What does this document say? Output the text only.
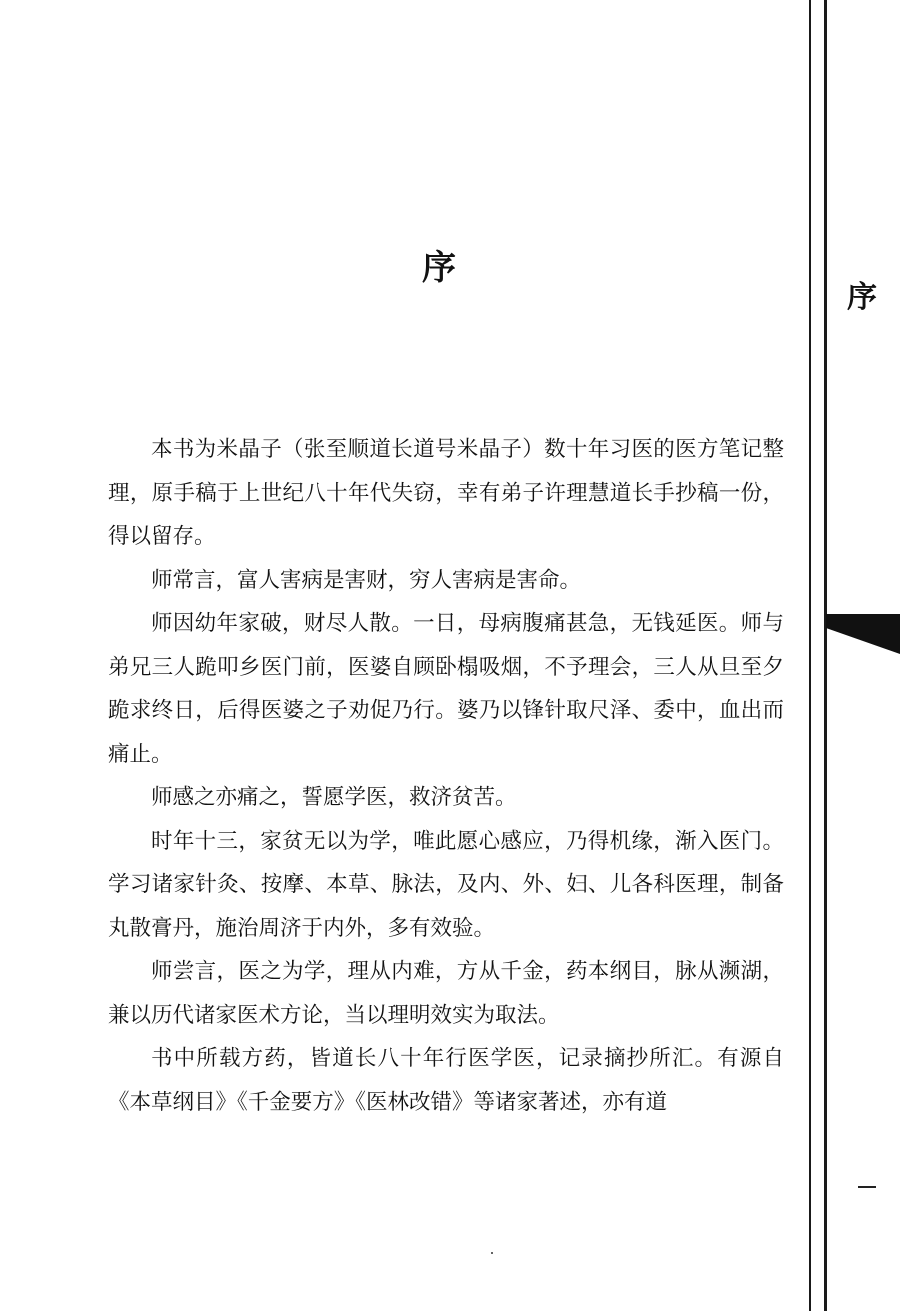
序

本书为米晶子（张至顺道长道号米晶子）数十年习医的医方笔记整理，原手稿于上世纪八十年代失窃，幸有弟子许理慧道长手抄稿一份，得以留存。

师常言，富人害病是害财，穷人害病是害命。

师因幼年家破，财尽人散。一日，母病腹痛甚急，无钱延医。师与弟兄三人跪叩乡医门前，医婆自顾卧榻吸烟，不予理会，三人从旦至夕跪求终日，后得医婆之子劝促乃行。婆乃以锋针取尺泽、委中，血出而痛止。

师感之亦痛之，誓愿学医，救济贫苦。

时年十三，家贫无以为学，唯此愿心感应，乃得机缘，渐入医门。学习诸家针灸、按摩、本草、脉法，及内、外、妇、儿各科医理，制备丸散膏丹，施治周济于内外，多有效验。

师尝言，医之为学，理从内难，方从千金，药本纲目，脉从濒湖，兼以历代诸家医术方论，当以理明效实为取法。

书中所载方药，皆道长八十年行医学医，记录摘抄所汇。有源自《本草纲目》《千金要方》《医林改错》等诸家著述，亦有道

序
